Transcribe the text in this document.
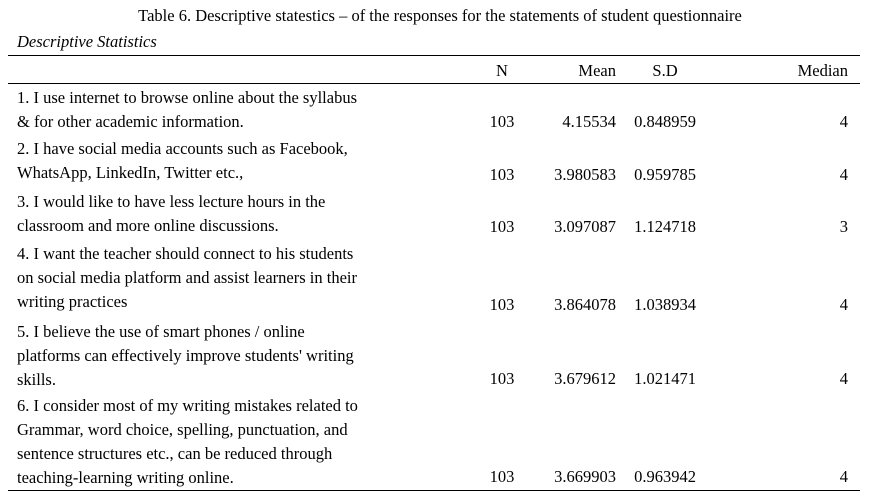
Table 6. Descriptive statestics – of the responses for the statements of student questionnaire
Descriptive Statistics
N	Mean	S.D	Median
1. I use internet to browse online about the syllabus
& for other academic information.	103	4.15534	0.848959	4
2. I have social media accounts such as Facebook,
WhatsApp, LinkedIn, Twitter etc.,	103	3.980583	0.959785	4
3. I would like to have less lecture hours in the
classroom and more online discussions.	103	3.097087	1.124718	3
4. I want the teacher should connect to his students
on social media platform and assist learners in their
writing practices	103	3.864078	1.038934	4
5. I believe the use of smart phones / online
platforms can effectively improve students' writing
skills.	103	3.679612	1.021471	4
6. I consider most of my writing mistakes related to
Grammar, word choice, spelling, punctuation, and
sentence structures etc., can be reduced through
teaching-learning writing online.	103	3.669903	0.963942	4
